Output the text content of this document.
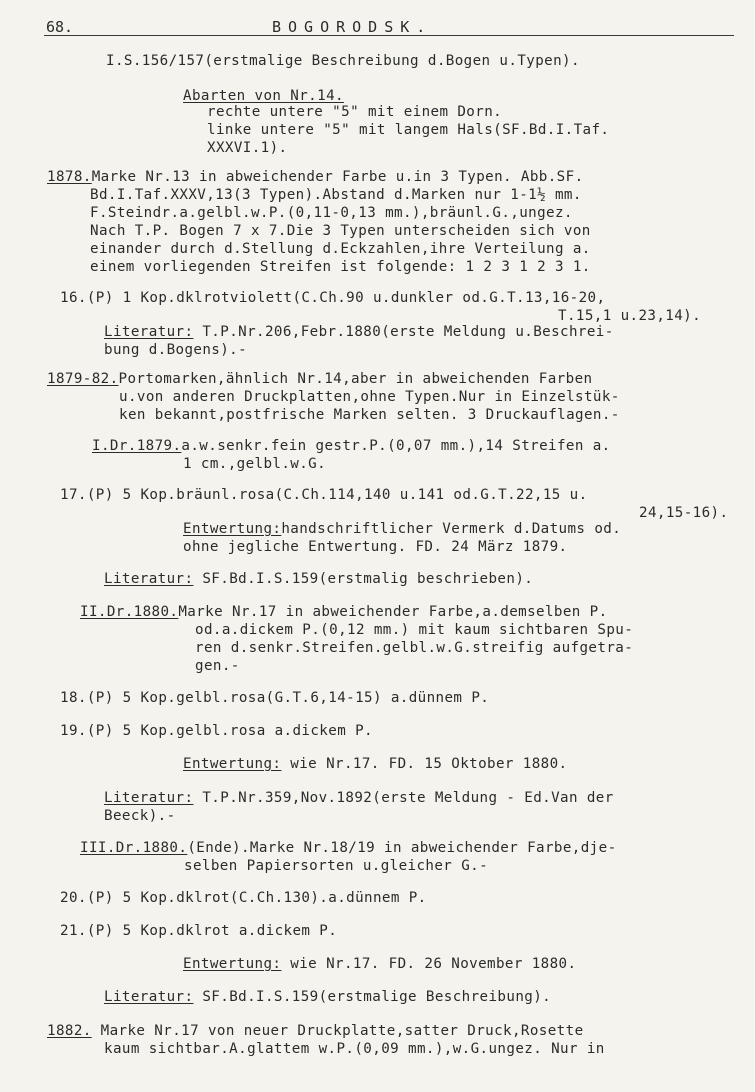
68.	BOGORODSK.
I.S.156/157(erstmalige Beschreibung d.Bogen u.Typen).
Abarten von Nr.14.
rechte untere "5" mit einem Dorn.
linke untere "5" mit langem Hals(SF.Bd.I.Taf.
XXXVI.1).
1878.Marke Nr.13 in abweichender Farbe u.in 3 Typen. Abb.SF.
Bd.I.Taf.XXXV,13(3 Typen).Abstand d.Marken nur 1-1½ mm.
F.Steindr.a.gelbl.w.P.(0,11-0,13 mm.),bräunl.G.,ungez.
Nach T.P. Bogen 7 x 7.Die 3 Typen unterscheiden sich von
einander durch d.Stellung d.Eckzahlen,ihre Verteilung a.
einem vorliegenden Streifen ist folgende: 1 2 3 1 2 3 1.
16.(P) 1 Kop.dklrotviolett(C.Ch.90 u.dunkler od.G.T.13,16-20,
T.15,1 u.23,14).
Literatur: T.P.Nr.206,Febr.1880(erste Meldung u.Beschrei-
bung d.Bogens).-
1879-82.Portomarken,ähnlich Nr.14,aber in abweichenden Farben
u.von anderen Druckplatten,ohne Typen.Nur in Einzelstük-
ken bekannt,postfrische Marken selten. 3 Druckauflagen.-
I.Dr.1879.a.w.senkr.fein gestr.P.(0,07 mm.),14 Streifen a.
1 cm.,gelbl.w.G.
17.(P) 5 Kop.bräunl.rosa(C.Ch.114,140 u.141 od.G.T.22,15 u.
24,15-16).
Entwertung:handschriftlicher Vermerk d.Datums od.
ohne jegliche Entwertung. FD. 24 März 1879.
Literatur: SF.Bd.I.S.159(erstmalig beschrieben).
II.Dr.1880.Marke Nr.17 in abweichender Farbe,a.demselben P.
od.a.dickem P.(0,12 mm.) mit kaum sichtbaren Spu-
ren d.senkr.Streifen.gelbl.w.G.streifig aufgetra-
gen.-
18.(P) 5 Kop.gelbl.rosa(G.T.6,14-15) a.dünnem P.
19.(P) 5 Kop.gelbl.rosa a.dickem P.
Entwertung: wie Nr.17. FD. 15 Oktober 1880.
Literatur: T.P.Nr.359,Nov.1892(erste Meldung - Ed.Van der
Beeck).-
III.Dr.1880.(Ende).Marke Nr.18/19 in abweichender Farbe,dje-
selben Papiersorten u.gleicher G.-
20.(P) 5 Kop.dklrot(C.Ch.130).a.dünnem P.
21.(P) 5 Kop.dklrot a.dickem P.
Entwertung: wie Nr.17. FD. 26 November 1880.
Literatur: SF.Bd.I.S.159(erstmalige Beschreibung).
1882. Marke Nr.17 von neuer Druckplatte,satter Druck,Rosette
kaum sichtbar.A.glattem w.P.(0,09 mm.),w.G.ungez. Nur in
